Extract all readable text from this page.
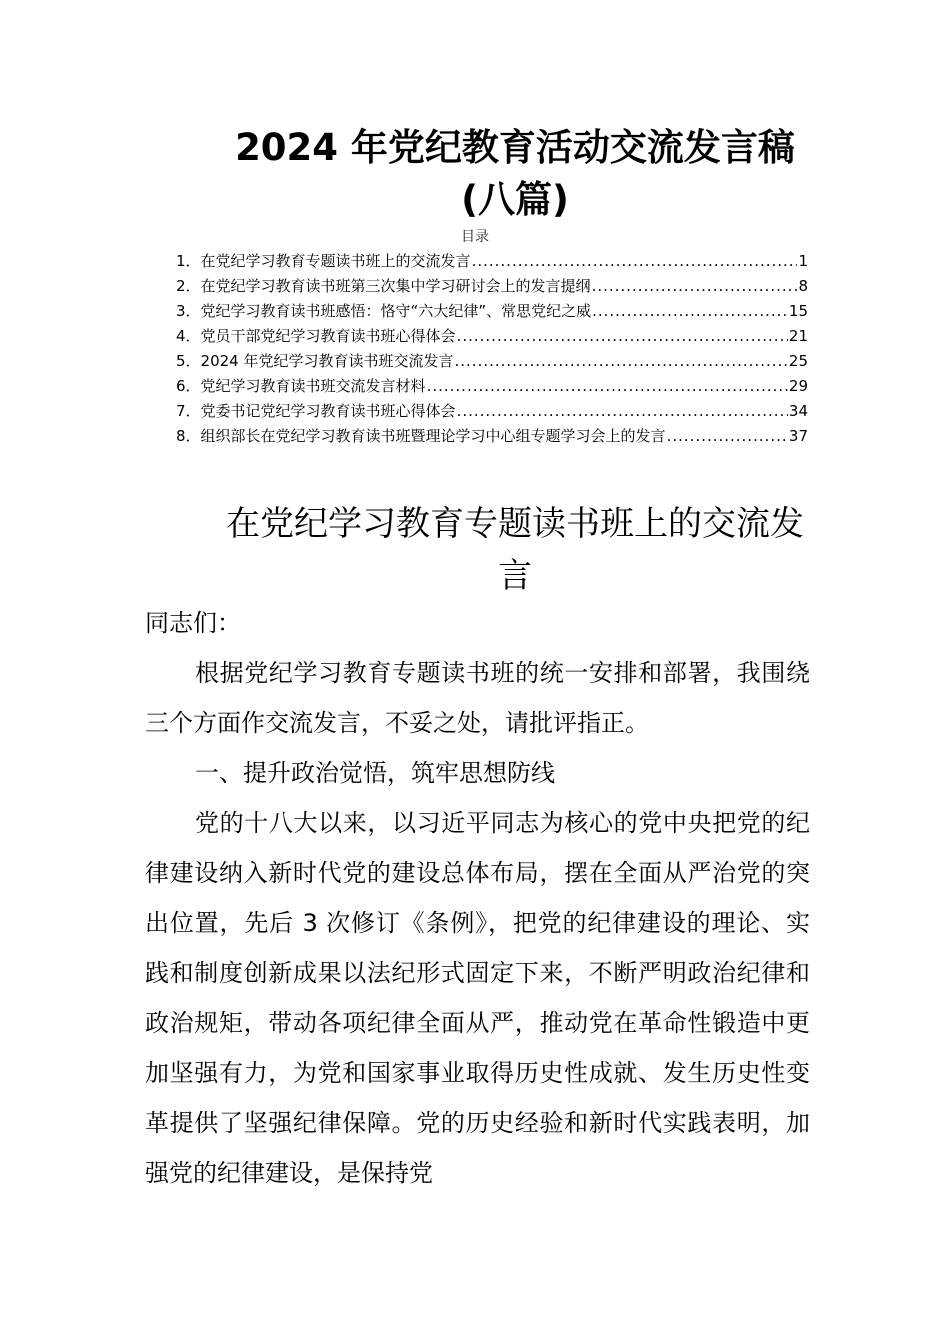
2024 年党纪教育活动交流发言稿(八篇)
目录
1． 在党纪学习教育专题读书班上的交流发言 .....	1
2． 在党纪学习教育读书班第三次集中学习研讨会上的发言提纲 .....	8
3． 党纪学习教育读书班感悟：恪守“六大纪律”、常思党纪之威 .....	15
4． 党员干部党纪学习教育读书班心得体会 .....	21
5． 2024 年党纪学习教育读书班交流发言 .....	25
6． 党纪学习教育读书班交流发言材料 .....	29
7． 党委书记党纪学习教育读书班心得体会 .....	34
8． 组织部长在党纪学习教育读书班暨理论学习中心组专题学习会上的发言 .....	37
在党纪学习教育专题读书班上的交流发言

同志们：

根据党纪学习教育专题读书班的统一安排和部署，我围绕三个方面作交流发言，不妥之处，请批评指正。

一、提升政治觉悟，筑牢思想防线

党的十八大以来，以习近平同志为核心的党中央把党的纪律建设纳入新时代党的建设总体布局，摆在全面从严治党的突出位置，先后 3 次修订《条例》，把党的纪律建设的理论、实践和制度创新成果以法纪形式固定下来，不断严明政治纪律和政治规矩，带动各项纪律全面从严，推动党在革命性锻造中更加坚强有力，为党和国家事业取得历史性成就、发生历史性变革提供了坚强纪律保障。党的历史经验和新时代实践表明，加强党的纪律建设，是保持党
